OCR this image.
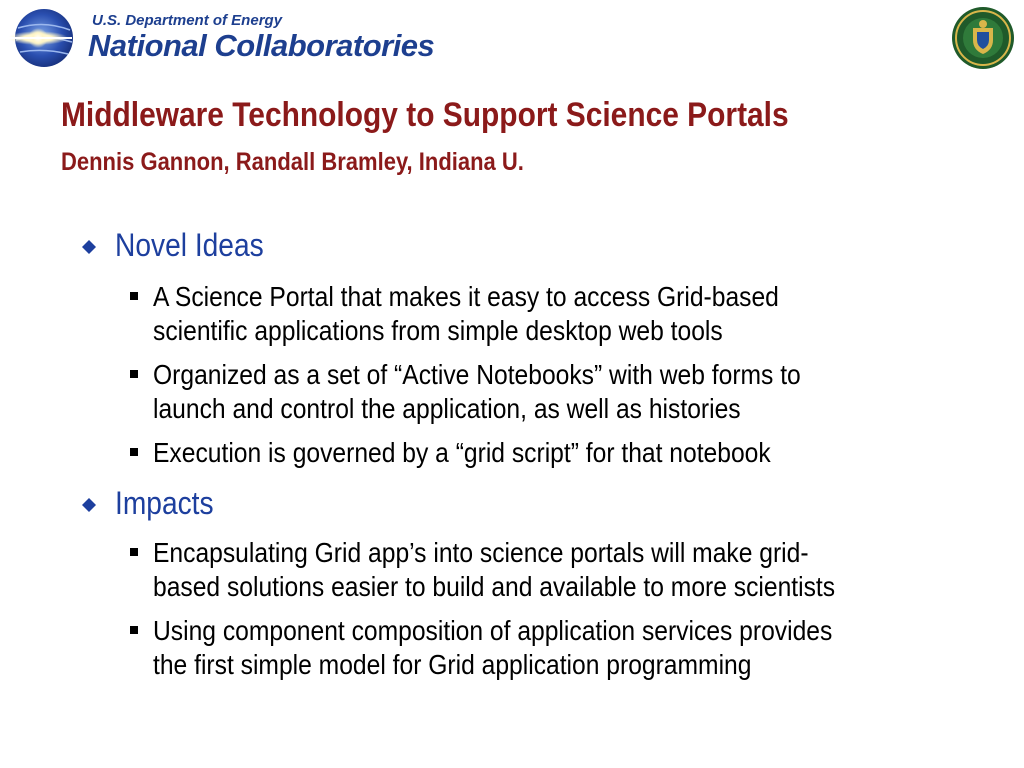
U.S. Department of Energy
National Collaboratories
Middleware Technology to Support Science Portals
Dennis Gannon, Randall Bramley, Indiana U.
Novel Ideas
A Science Portal that makes it easy to access Grid-based
scientific applications from simple desktop web tools
Organized as a set of “Active Notebooks” with web forms to
launch and control the application, as well as histories
Execution is governed by a “grid script” for that notebook
Impacts
Encapsulating Grid app’s into science portals will make grid-
based solutions easier to build and available to more scientists
Using component composition of application services provides
the first simple model for Grid application programming
